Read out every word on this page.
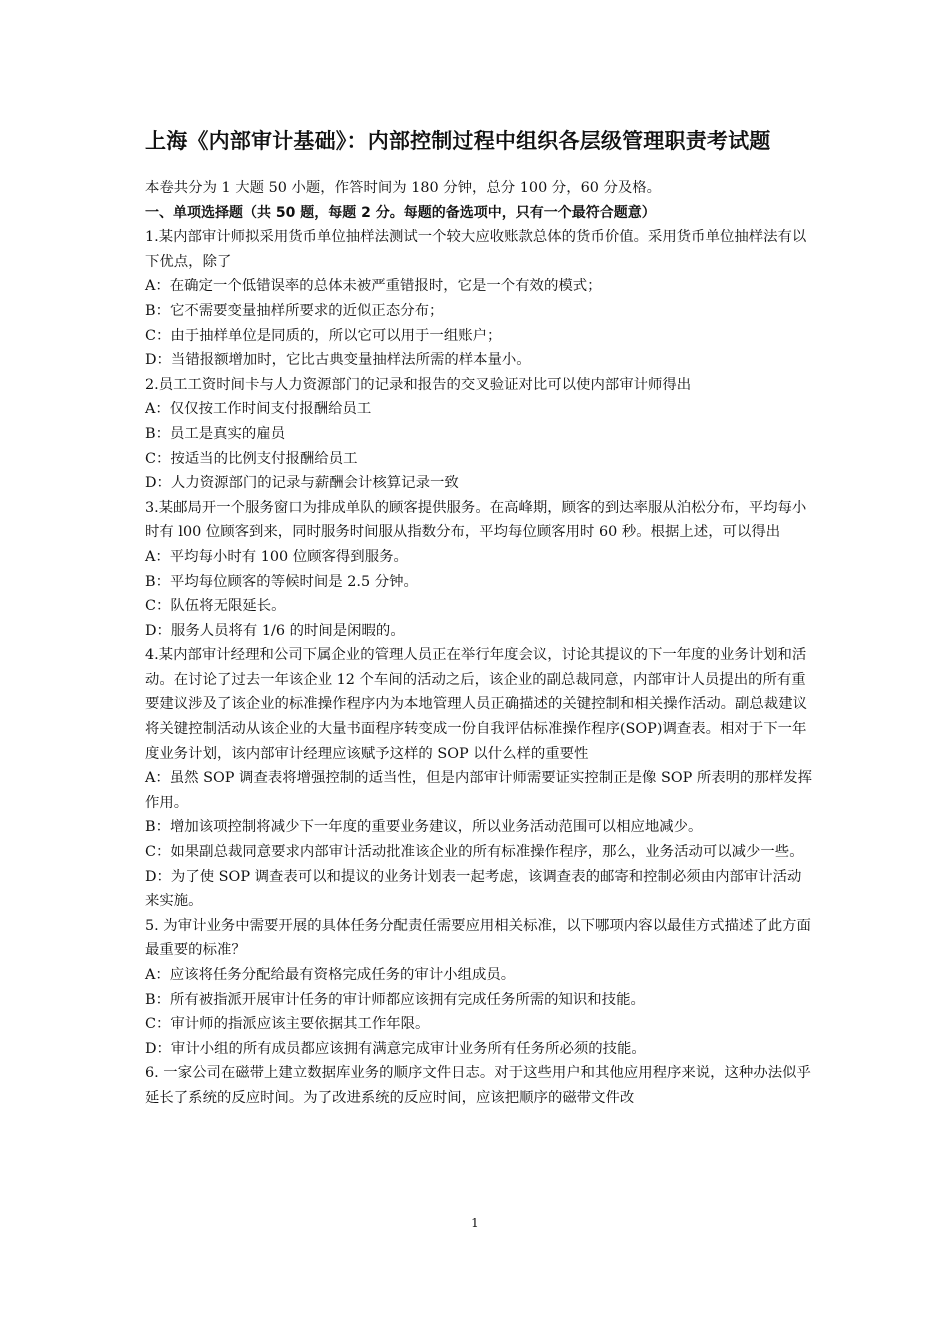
上海《内部审计基础》：内部控制过程中组织各层级管理职责考试题

本卷共分为 1 大题 50 小题，作答时间为 180 分钟，总分 100 分，60 分及格。

一、单项选择题（共 50 题，每题 2 分。每题的备选项中，只有一个最符合题意）

1.某内部审计师拟采用货币单位抽样法测试一个较大应收账款总体的货币价值。采用货币单位抽样法有以下优点，除了

A：在确定一个低错误率的总体未被严重错报时，它是一个有效的模式；

B：它不需要变量抽样所要求的近似正态分布；

C：由于抽样单位是同质的，所以它可以用于一组账户；

D：当错报额增加时，它比古典变量抽样法所需的样本量小。

2.员工工资时间卡与人力资源部门的记录和报告的交叉验证对比可以使内部审计师得出

A：仅仅按工作时间支付报酬给员工

B：员工是真实的雇员

C：按适当的比例支付报酬给员工

D：人力资源部门的记录与薪酬会计核算记录一致

3.某邮局开一个服务窗口为排成单队的顾客提供服务。在高峰期，顾客的到达率服从泊松分布，平均每小时有 l00 位顾客到来，同时服务时间服从指数分布，平均每位顾客用时 60 秒。根据上述，可以得出

A：平均每小时有 100 位顾客得到服务。

B：平均每位顾客的等候时间是 2.5 分钟。

C：队伍将无限延长。

D：服务人员将有 1/6 的时间是闲暇的。

4.某内部审计经理和公司下属企业的管理人员正在举行年度会议，讨论其提议的下一年度的业务计划和活动。在讨论了过去一年该企业 12 个车间的活动之后，该企业的副总裁同意，内部审计人员提出的所有重要建议涉及了该企业的标准操作程序内为本地管理人员正确描述的关键控制和相关操作活动。副总裁建议将关键控制活动从该企业的大量书面程序转变成一份自我评估标准操作程序(SOP)调查表。相对于下一年度业务计划，该内部审计经理应该赋予这样的 SOP 以什么样的重要性

A：虽然 SOP 调查表将增强控制的适当性，但是内部审计师需要证实控制正是像 SOP 所表明的那样发挥作用。

B：增加该项控制将减少下一年度的重要业务建议，所以业务活动范围可以相应地减少。

C：如果副总裁同意要求内部审计活动批准该企业的所有标准操作程序，那么，业务活动可以减少一些。

D：为了使 SOP 调查表可以和提议的业务计划表一起考虑，该调查表的邮寄和控制必须由内部审计活动来实施。

5. 为审计业务中需要开展的具体任务分配责任需要应用相关标准，以下哪项内容以最佳方式描述了此方面最重要的标准？

A：应该将任务分配给最有资格完成任务的审计小组成员。

B：所有被指派开展审计任务的审计师都应该拥有完成任务所需的知识和技能。

C：审计师的指派应该主要依据其工作年限。

D：审计小组的所有成员都应该拥有满意完成审计业务所有任务所必须的技能。

6. 一家公司在磁带上建立数据库业务的顺序文件日志。对于这些用户和其他应用程序来说，这种办法似乎延长了系统的反应时间。为了改进系统的反应时间，应该把顺序的磁带文件改

1
